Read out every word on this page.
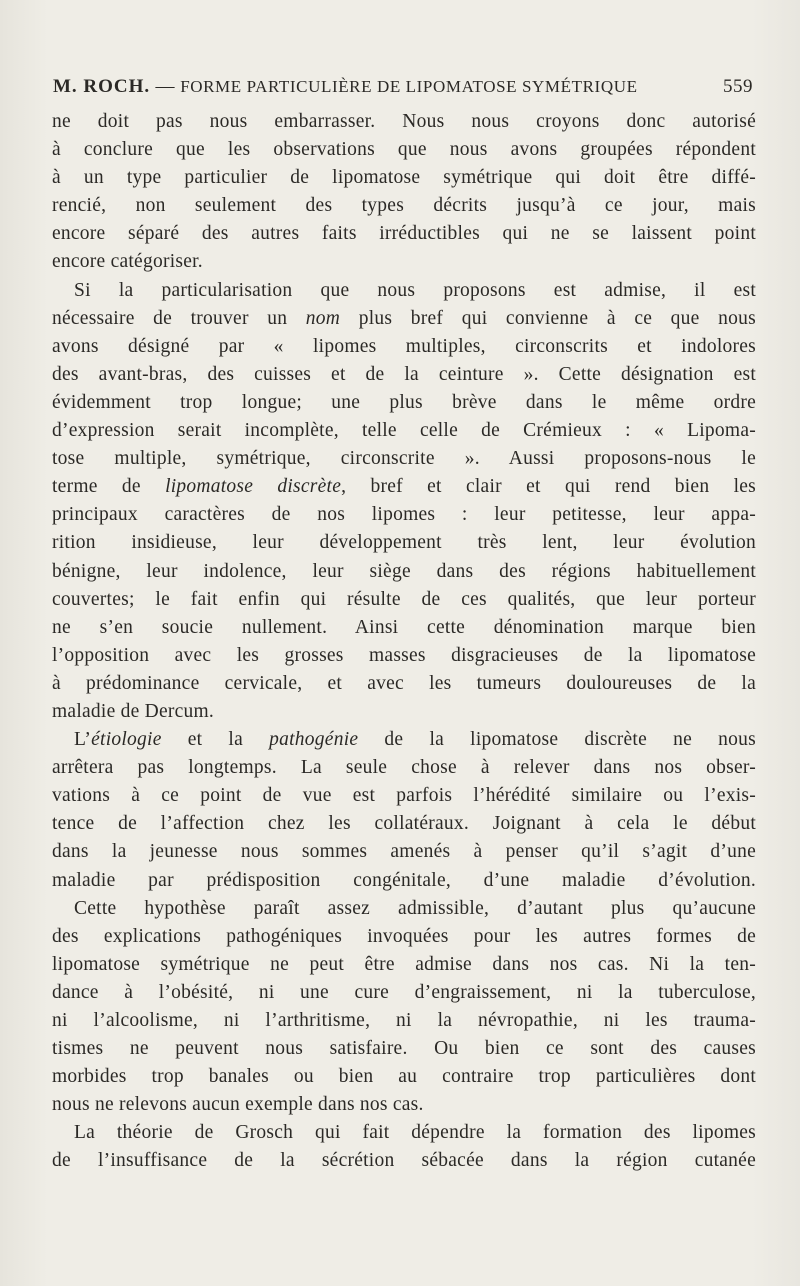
M. ROCH. — FORME PARTICULIÈRE DE LIPOMATOSE SYMÉTRIQUE	559
ne doit pas nous embarrasser. Nous nous croyons donc autorisé
à conclure que les observations que nous avons groupées répondent
à un type particulier de lipomatose symétrique qui doit être diffé-
rencié, non seulement des types décrits jusqu’à ce jour, mais
encore séparé des autres faits irréductibles qui ne se laissent point
encore catégoriser.
Si la particularisation que nous proposons est admise, il est
nécessaire de trouver un nom plus bref qui convienne à ce que nous
avons désigné par « lipomes multiples, circonscrits et indolores
des avant-bras, des cuisses et de la ceinture ». Cette désignation est
évidemment trop longue; une plus brève dans le même ordre
d’expression serait incomplète, telle celle de Crémieux : « Lipoma-
tose multiple, symétrique, circonscrite ». Aussi proposons-nous le
terme de lipomatose discrète, bref et clair et qui rend bien les
principaux caractères de nos lipomes : leur petitesse, leur appa-
rition insidieuse, leur développement très lent, leur évolution
bénigne, leur indolence, leur siège dans des régions habituellement
couvertes; le fait enfin qui résulte de ces qualités, que leur porteur
ne s’en soucie nullement. Ainsi cette dénomination marque bien
l’opposition avec les grosses masses disgracieuses de la lipomatose
à prédominance cervicale, et avec les tumeurs douloureuses de la
maladie de Dercum.
L’étiologie et la pathogénie de la lipomatose discrète ne nous
arrêtera pas longtemps. La seule chose à relever dans nos obser-
vations à ce point de vue est parfois l’hérédité similaire ou l’exis-
tence de l’affection chez les collatéraux. Joignant à cela le début
dans la jeunesse nous sommes amenés à penser qu’il s’agit d’une
maladie par prédisposition congénitale, d’une maladie d’évolution.
Cette hypothèse paraît assez admissible, d’autant plus qu’aucune
des explications pathogéniques invoquées pour les autres formes de
lipomatose symétrique ne peut être admise dans nos cas. Ni la ten-
dance à l’obésité, ni une cure d’engraissement, ni la tuberculose,
ni l’alcoolisme, ni l’arthritisme, ni la névropathie, ni les trauma-
tismes ne peuvent nous satisfaire. Ou bien ce sont des causes
morbides trop banales ou bien au contraire trop particulières dont
nous ne relevons aucun exemple dans nos cas.
La théorie de Grosch qui fait dépendre la formation des lipomes
de l’insuffisance de la sécrétion sébacée dans la région cutanée
